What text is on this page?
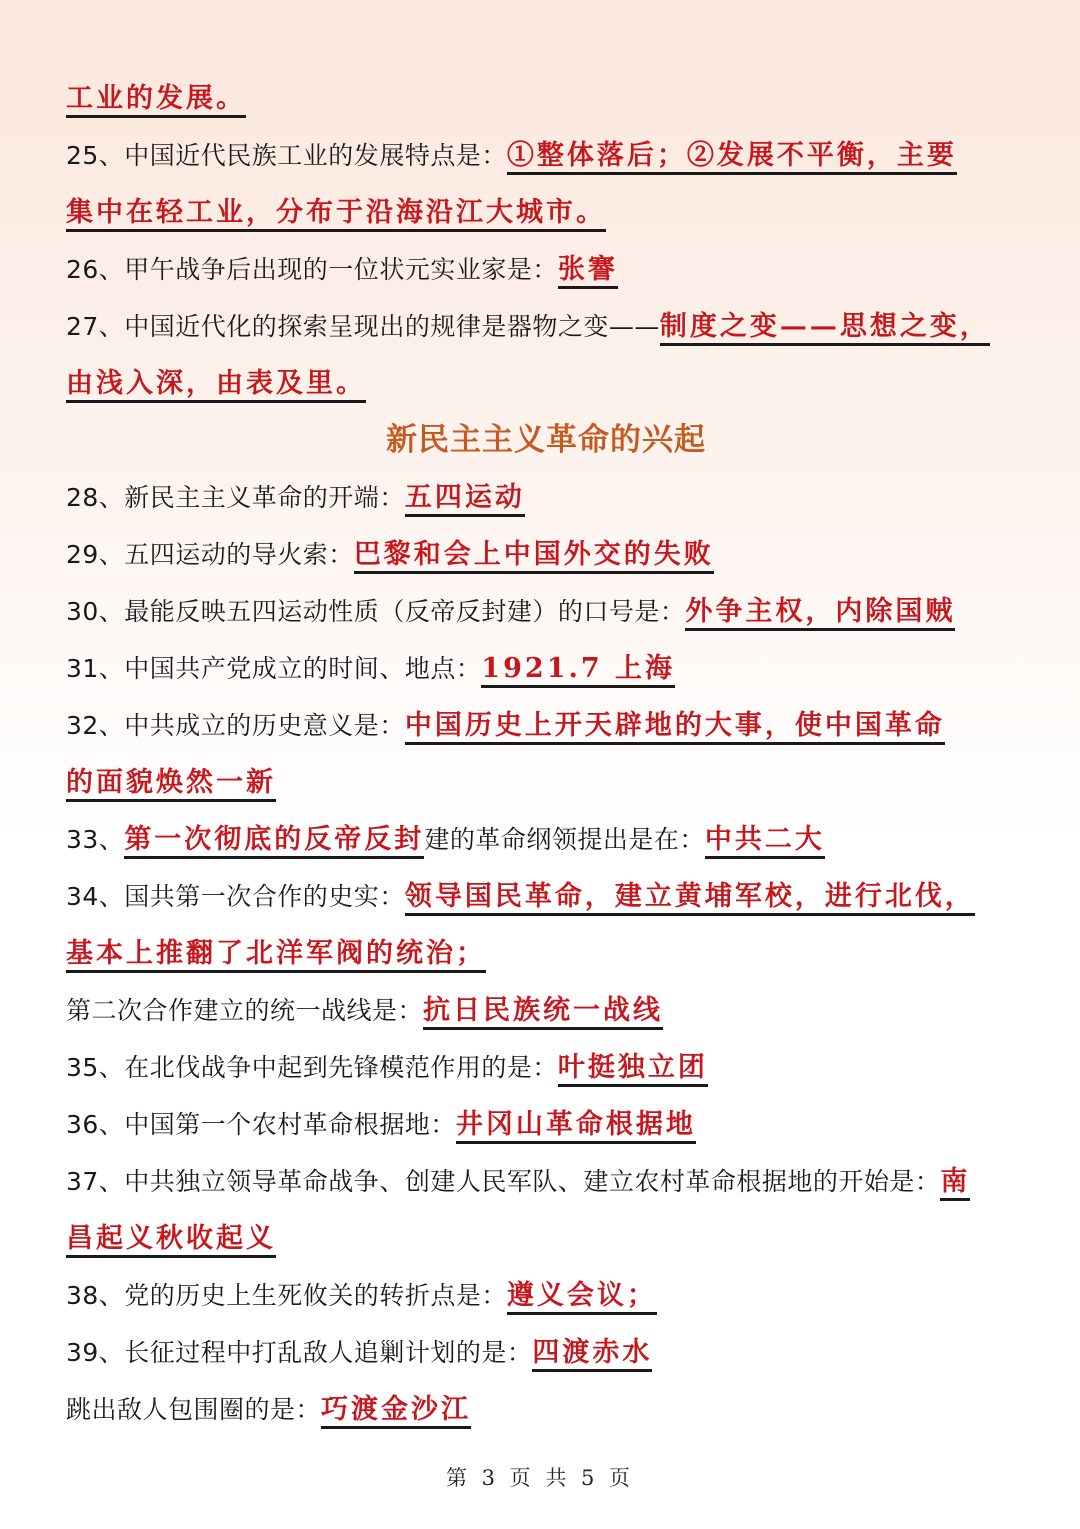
工业的发展。
25、中国近代民族工业的发展特点是：①整体落后；②发展不平衡，主要
集中在轻工业，分布于沿海沿江大城市。
26、甲午战争后出现的一位状元实业家是：张謇
27、中国近代化的探索呈现出的规律是器物之变——制度之变——思想之变，
由浅入深，由表及里。
新民主主义革命的兴起
28、新民主主义革命的开端：五四运动
29、五四运动的导火索：巴黎和会上中国外交的失败
30、最能反映五四运动性质（反帝反封建）的口号是：外争主权，内除国贼
31、中国共产党成立的时间、地点：1921.7 上海
32、中共成立的历史意义是：中国历史上开天辟地的大事，使中国革命
的面貌焕然一新
33、第一次彻底的反帝反封建的革命纲领提出是在：中共二大
34、国共第一次合作的史实：领导国民革命，建立黄埔军校，进行北伐，
基本上推翻了北洋军阀的统治；
第二次合作建立的统一战线是：抗日民族统一战线
35、在北伐战争中起到先锋模范作用的是：叶挺独立团
36、中国第一个农村革命根据地：井冈山革命根据地
37、中共独立领导革命战争、创建人民军队、建立农村革命根据地的开始是：南
昌起义秋收起义
38、党的历史上生死攸关的转折点是：遵义会议；
39、长征过程中打乱敌人追剿计划的是：四渡赤水
跳出敌人包围圈的是：巧渡金沙江
第 3 页 共 5 页
